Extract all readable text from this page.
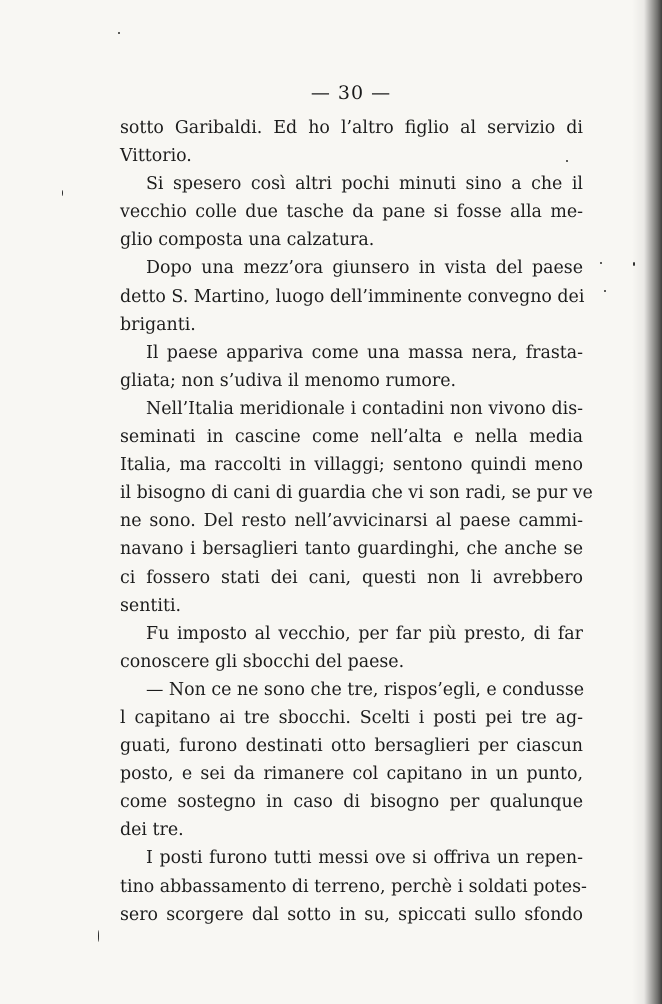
— 30 —
sotto Garibaldi. Ed ho l’altro figlio al servizio di
Vittorio.
Si spesero così altri pochi minuti sino a che il
vecchio colle due tasche da pane si fosse alla me-
glio composta una calzatura.
Dopo una mezz’ora giunsero in vista del paese
detto S. Martino, luogo dell’imminente convegno dei
briganti.
Il paese appariva come una massa nera, frasta-
gliata; non s’udiva il menomo rumore.
Nell’Italia meridionale i contadini non vivono dis-
seminati in cascine come nell’alta e nella media
Italia, ma raccolti in villaggi; sentono quindi meno
il bisogno di cani di guardia che vi son radi, se pur ve
ne sono. Del resto nell’avvicinarsi al paese cammi-
navano i bersaglieri tanto guardinghi, che anche se
ci fossero stati dei cani, questi non li avrebbero
sentiti.
Fu imposto al vecchio, per far più presto, di far
conoscere gli sbocchi del paese.
— Non ce ne sono che tre, rispos’egli, e condusse
l capitano ai tre sbocchi. Scelti i posti pei tre ag-
guati, furono destinati otto bersaglieri per ciascun
posto, e sei da rimanere col capitano in un punto,
come sostegno in caso di bisogno per qualunque
dei tre.
I posti furono tutti messi ove si offriva un repen-
tino abbassamento di terreno, perchè i soldati potes-
sero scorgere dal sotto in su, spiccati sullo sfondo
